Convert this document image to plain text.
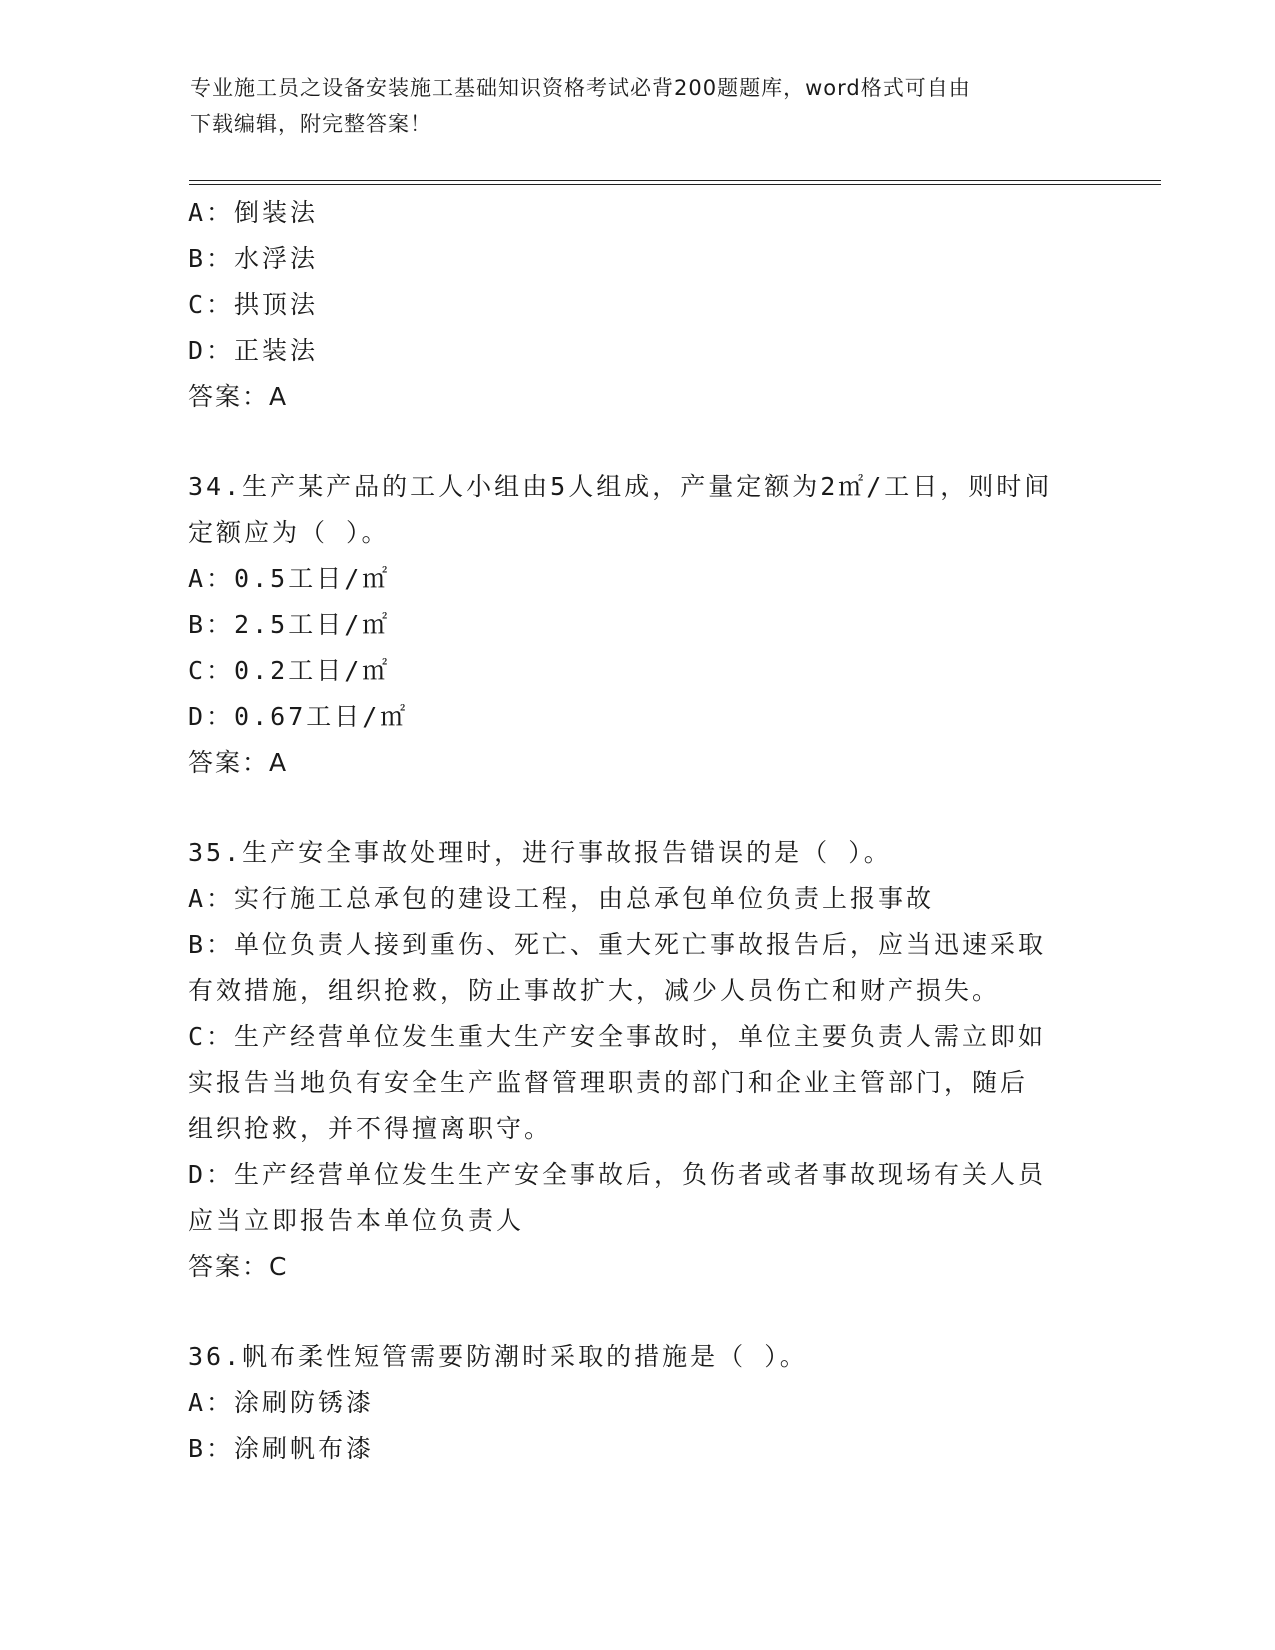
专业施工员之设备安装施工基础知识资格考试必背200题题库，word格式可自由
下载编辑，附完整答案！
A：倒装法
B：水浮法
C：拱顶法
D：正装法
答案：A
34.生产某产品的工人小组由5人组成，产量定额为2㎡/工日，则时间
定额应为（ ）。
A：0.5工日/㎡
B：2.5工日/㎡
C：0.2工日/㎡
D：0.67工日/㎡
答案：A
35.生产安全事故处理时，进行事故报告错误的是（ ）。
A：实行施工总承包的建设工程，由总承包单位负责上报事故
B：单位负责人接到重伤、死亡、重大死亡事故报告后，应当迅速采取
有效措施，组织抢救，防止事故扩大，减少人员伤亡和财产损失。
C：生产经营单位发生重大生产安全事故时，单位主要负责人需立即如
实报告当地负有安全生产监督管理职责的部门和企业主管部门，随后
组织抢救，并不得擅离职守。
D：生产经营单位发生生产安全事故后，负伤者或者事故现场有关人员
应当立即报告本单位负责人
答案：C
36.帆布柔性短管需要防潮时采取的措施是（ ）。
A：涂刷防锈漆
B：涂刷帆布漆
